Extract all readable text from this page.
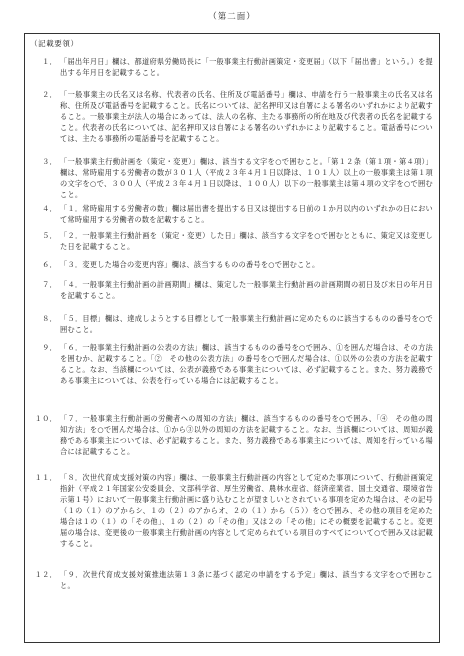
（第二面）
（記載要領）
１． 「届出年月日」欄は、都道府県労働局長に「一般事業主行動計画策定・変更届」（以下「届出書」という。）を提出する年月日を記載すること。
２． 「一般事業主の氏名又は名称、代表者の氏名、住所及び電話番号」欄は、申請を行う一般事業主の氏名又は名称、住所及び電話番号を記載すること。氏名については、記名押印又は自署による署名のいずれかにより記載すること。一般事業主が法人の場合にあっては、法人の名称、主たる事務所の所在地及び代表者の氏名を記載すること。代表者の氏名については、記名押印又は自署による署名のいずれかにより記載すること。電話番号については、主たる事務所の電話番号を記載すること。
３． 「一般事業主行動計画を（策定・変更）」欄は、該当する文字を○で囲むこと。「第１２条（第１項・第４項）」欄は、常時雇用する労働者の数が３０１人（平成２３年４月１日以降は、１０１人）以上の一般事業主は第１項の文字を○で、３００人（平成２３年４月１日以降は、１００人）以下の一般事業主は第４項の文字を○で囲むこと。
４． 「１．常時雇用する労働者の数」欄は届出書を提出する日又は提出する日前の１か月以内のいずれかの日において常時雇用する労働者の数を記載すること。
５． 「２．一般事業主行動計画を（策定・変更）した日」欄は、該当する文字を○で囲むとともに、策定又は変更した日を記載すること。
６． 「３．変更した場合の変更内容」欄は、該当するものの番号を○で囲むこと。
７． 「４．一般事業主行動計画の計画期間」欄は、策定した一般事業主行動計画の計画期間の初日及び末日の年月日を記載すること。
８． 「５．目標」欄は、達成しようとする目標として一般事業主行動計画に定めたものに該当するものの番号を○で囲むこと。
９． 「６．一般事業主行動計画の公表の方法」欄は、該当するものの番号を○で囲み、①を囲んだ場合は、その方法を囲むか、記載すること。「②　その他の公表方法」の番号を○で囲んだ場合は、①以外の公表の方法を記載すること。なお、当該欄については、公表が義務である事業主については、必ず記載すること。また、努力義務である事業主については、公表を行っている場合には記載すること。
１０． 「７．一般事業主行動計画の労働者への周知の方法」欄は、該当するものの番号を○で囲み、「④　その他の周知方法」を○で囲んだ場合は、①から③以外の周知の方法を記載すること。なお、当該欄については、周知が義務である事業主については、必ず記載すること。また、努力義務である事業主については、周知を行っている場合には記載すること。
１１． 「８．次世代育成支援対策の内容」欄は、一般事業主行動計画の内容として定めた事項について、行動計画策定指針（平成２１年国家公安委員会、文部科学省、厚生労働省、農林水産省、経済産業省、国土交通省、環境省告示第１号）において一般事業主行動計画に盛り込むことが望ましいとされている事項を定めた場合は、その記号（１の（１）のアからシ、１の（２）のアからオ、２の（１）から（５））を○で囲み、その他の項目を定めた場合は１の（１）の「その他」、１の（２）の「その他」又は２の「その他」にその概要を記載すること。変更届の場合は、変更後の一般事業主行動計画の内容として定められている項目のすべてについて○で囲み又は記載すること。
１２． 「９．次世代育成支援対策推進法第１３条に基づく認定の申請をする予定」欄は、該当する文字を○で囲むこと。
